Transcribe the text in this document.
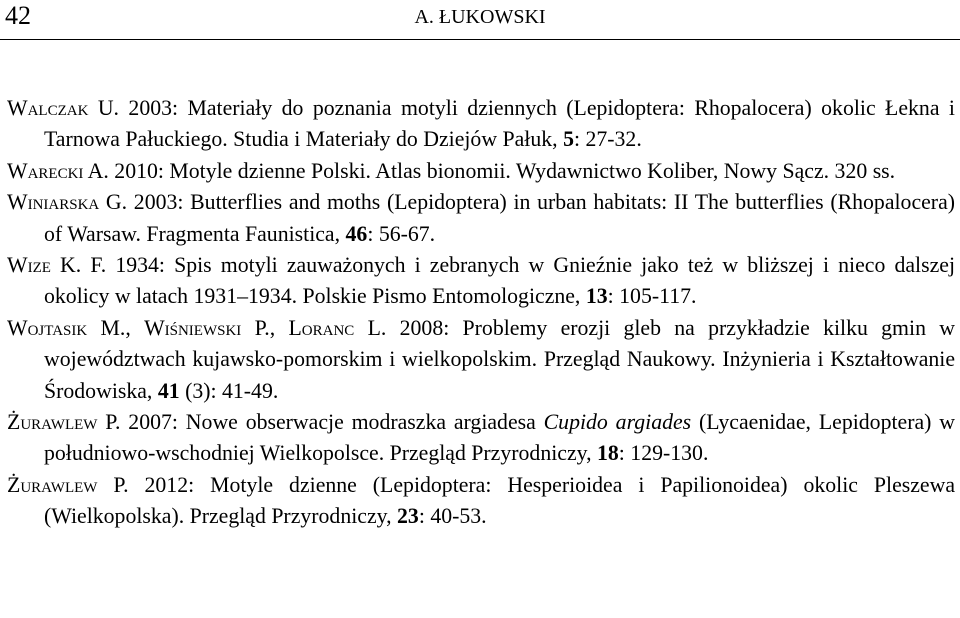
42	A. ŁUKOWSKI

Walczak U. 2003: Materiały do poznania motyli dziennych (Lepidoptera: Rhopalocera) okolic Łekna i Tarnowa Pałuckiego. Studia i Materiały do Dziejów Pałuk, 5: 27-32.

Warecki A. 2010: Motyle dzienne Polski. Atlas bionomii. Wydawnictwo Koliber, Nowy Sącz. 320 ss.

Winiarska G. 2003: Butterflies and moths (Lepidoptera) in urban habitats: II The butterflies (Rhopalocera) of Warsaw. Fragmenta Faunistica, 46: 56-67.

Wize K. F. 1934: Spis motyli zauważonych i zebranych w Gnieźnie jako też w bliższej i nieco dalszej okolicy w latach 1931–1934. Polskie Pismo Entomologiczne, 13: 105-117.

Wojtasik M., Wiśniewski P., Loranc L. 2008: Problemy erozji gleb na przykładzie kilku gmin w województwach kujawsko-pomorskim i wielkopolskim. Przegląd Naukowy. Inżynieria i Kształtowanie Środowiska, 41 (3): 41-49.

Żurawlew P. 2007: Nowe obserwacje modraszka argiadesa Cupido argiades (Lycaenidae, Lepidoptera) w południowo-wschodniej Wielkopolsce. Przegląd Przyrodniczy, 18: 129-130.

Żurawlew P. 2012: Motyle dzienne (Lepidoptera: Hesperioidea i Papilionoidea) okolic Pleszewa (Wielkopolska). Przegląd Przyrodniczy, 23: 40-53.
